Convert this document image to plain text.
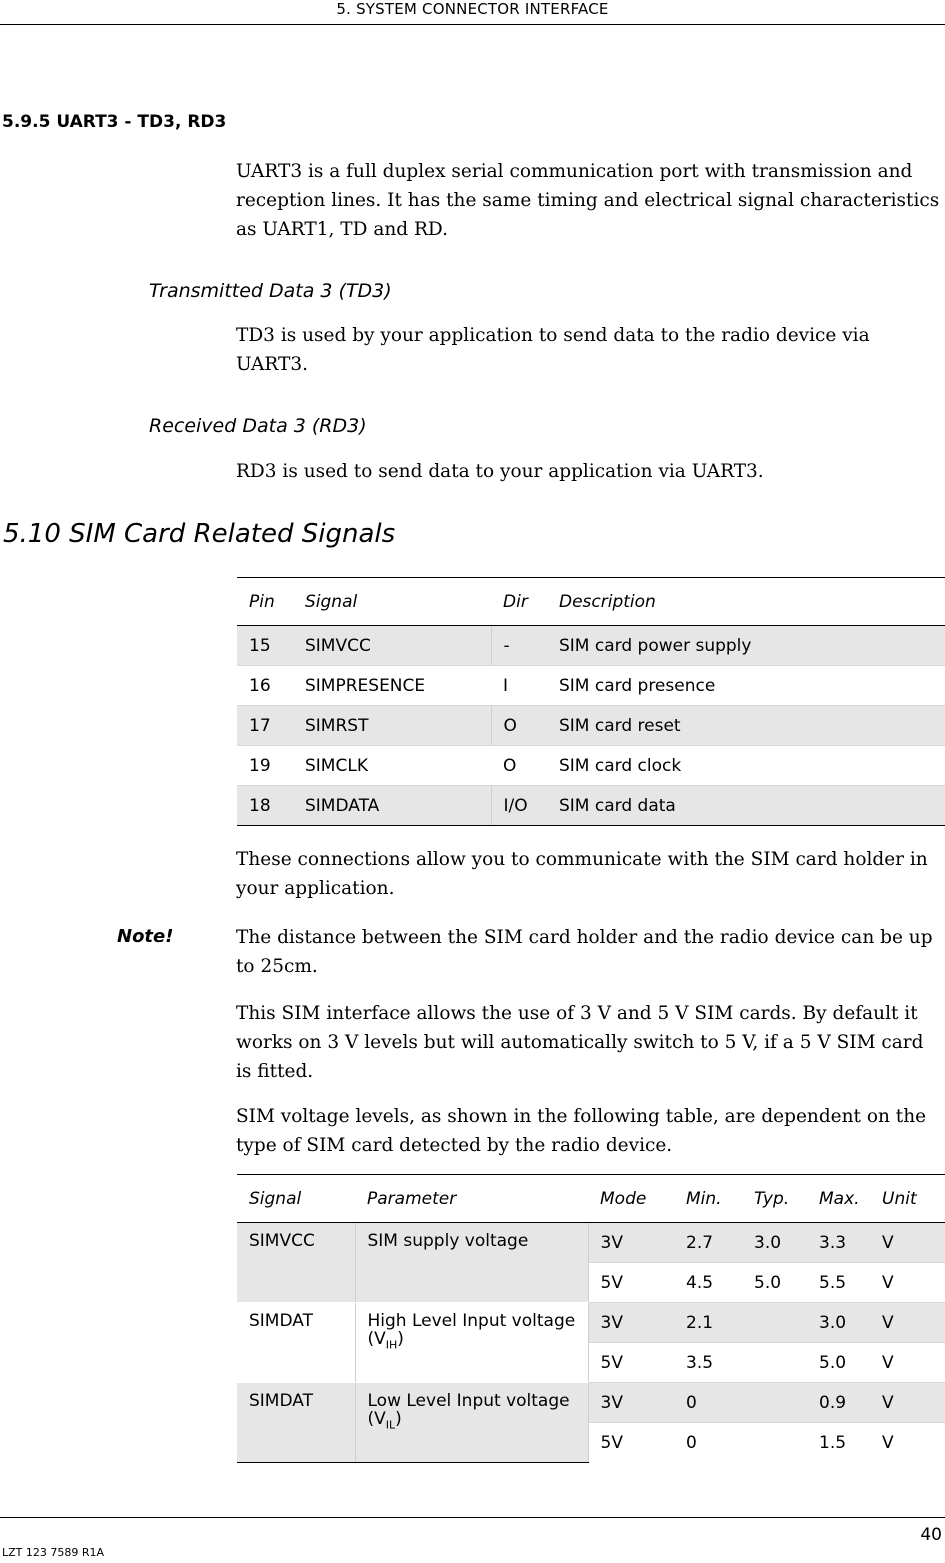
5. SYSTEM CONNECTOR INTERFACE
5.9.5 UART3 - TD3, RD3
UART3 is a full duplex serial communication port with transmission and reception lines. It has the same timing and electrical signal characteristics as UART1, TD and RD.
Transmitted Data 3 (TD3)
TD3 is used by your application to send data to the radio device via UART3.
Received Data 3 (RD3)
RD3 is used to send data to your application via UART3.
5.10 SIM Card Related Signals
Pin	Signal	Dir	Description
15	SIMVCC	-	SIM card power supply
16	SIMPRESENCE	I	SIM card presence
17	SIMRST	O	SIM card reset
19	SIMCLK	O	SIM card clock
18	SIMDATA	I/O	SIM card data
These connections allow you to communicate with the SIM card holder in your application.
Note!	The distance between the SIM card holder and the radio device can be up to 25cm.
This SIM interface allows the use of 3 V and 5 V SIM cards. By default it works on 3 V levels but will automatically switch to 5 V, if a 5 V SIM card is fitted.
SIM voltage levels, as shown in the following table, are dependent on the type of SIM card detected by the radio device.
Signal	Parameter	Mode	Min.	Typ.	Max.	Unit
SIMVCC	SIM supply voltage	3V	2.7	3.0	3.3	V
		5V	4.5	5.0	5.5	V
SIMDAT	High Level Input voltage $(V_{IH})$	3V	2.1		3.0	V
		5V	3.5		5.0	V
SIMDAT	Low Level Input voltage $(V_{IL})$	3V	0		0.9	V
		5V	0		1.5	V
40
LZT 123 7589 R1A
